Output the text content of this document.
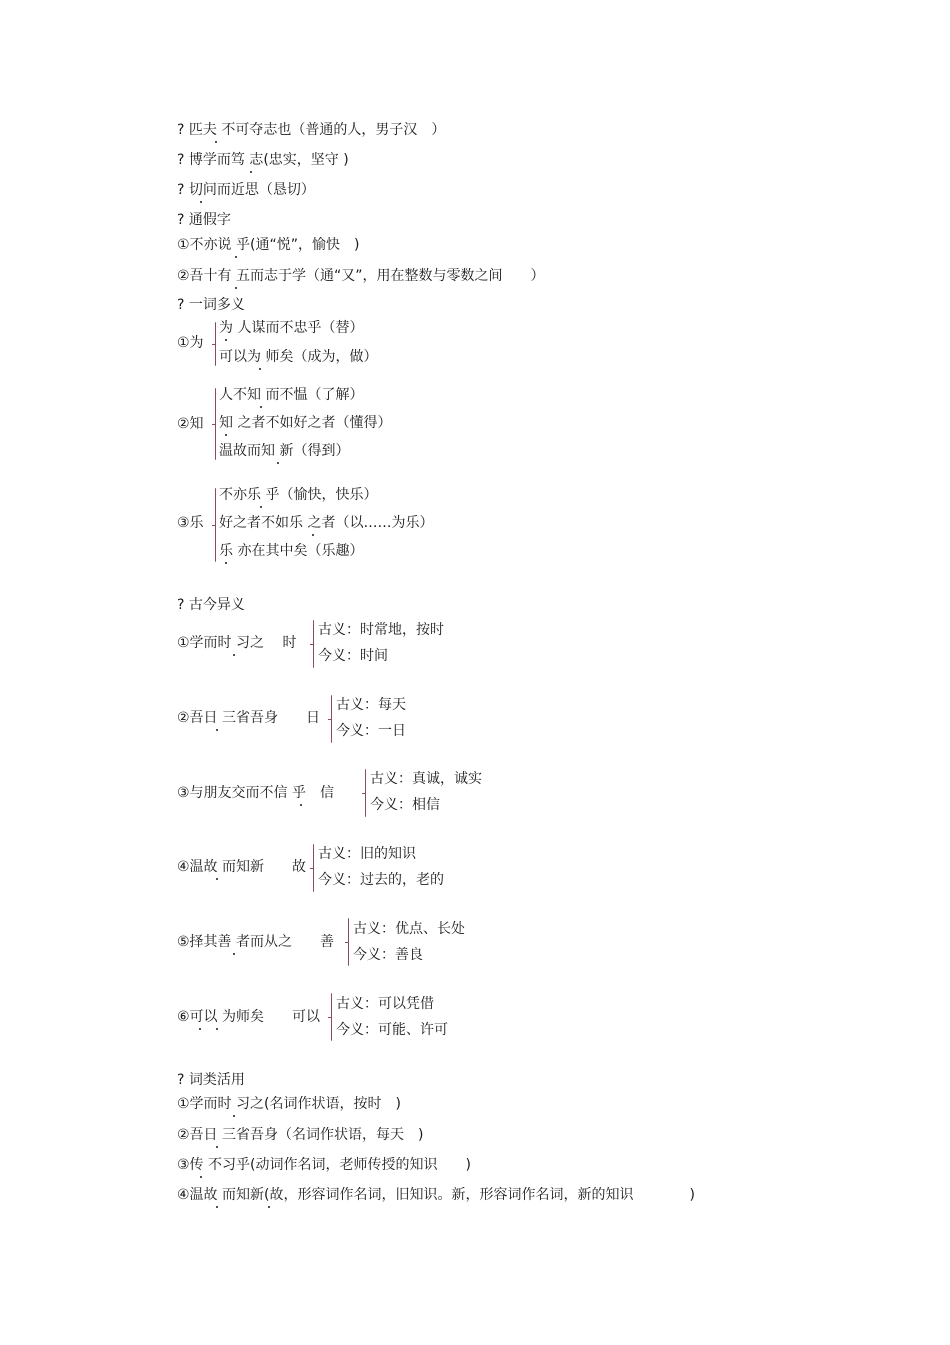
? 匹夫 不可夺志也（普通的人，男子汉　）
? 博学而笃 志(忠实，坚守 )
? 切问而近思（恳切）
? 通假字
①不亦说 乎(通“悦”，愉快　)
②吾十有 五而志于学（通“又”，用在整数与零数之间　　）
? 一词多义
①为
为 人谋而不忠乎（替）
可以为 师矣（成为，做）
②知
人不知 而不愠（了解）
知 之者不如好之者（懂得）
温故而知 新（得到）
③乐
不亦乐 乎（愉快，快乐）
好之者不如乐 之者（以……为乐）
乐 亦在其中矣（乐趣）
? 古今异义
①学而时 习之　 时
古义：时常地，按时
今义：时间
②吾日 三省吾身　　日
古义：每天
今义：一日
③与朋友交而不信 乎　信
古义：真诚，诚实
今义：相信
④温故 而知新　　故
古义：旧的知识
今义：过去的，老的
⑤择其善 者而从之　　善
古义：优点、长处
今义：善良
⑥可以 为师矣　　可以
古义：可以凭借
今义：可能、许可
? 词类活用
①学而时 习之(名词作状语，按时　)
②吾日 三省吾身（名词作状语，每天　)
③传 不习乎(动词作名词，老师传授的知识　　)
④温故 而知新(故，形容词作名词，旧知识。新，形容词作名词，新的知识　　　　)
